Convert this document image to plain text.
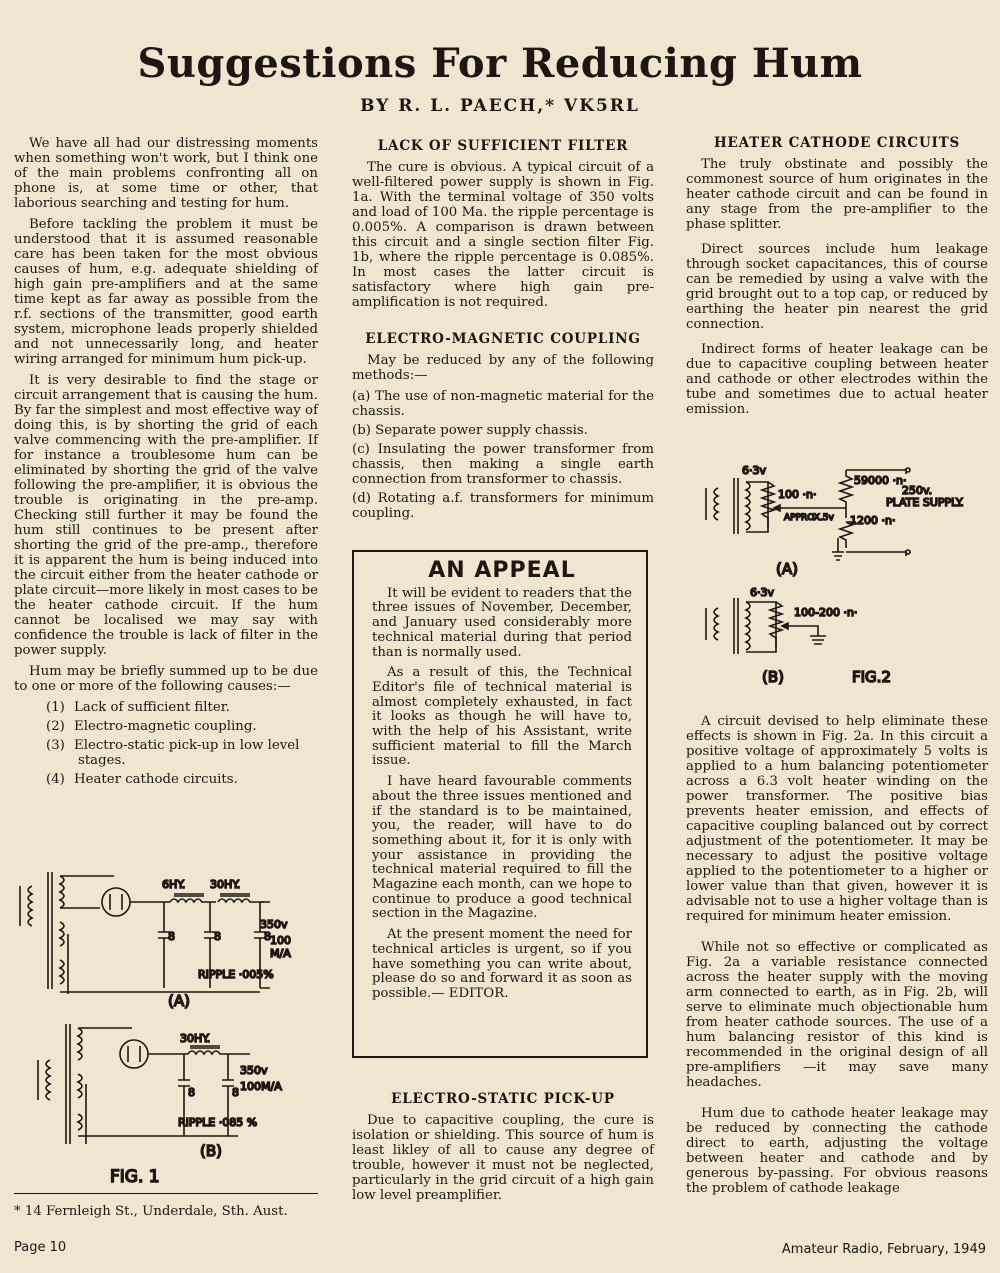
Suggestions For Reducing Hum
BY R. L. PAECH,* VK5RL

We have all had our distressing moments when something won't work, but I think one of the main problems confronting all on phone is, at some time or other, that laborious searching and testing for hum.

Before tackling the problem it must be understood that it is assumed reasonable care has been taken for the most obvious causes of hum, e.g. adequate shielding of high gain pre-amplifiers and at the same time kept as far away as possible from the r.f. sections of the transmitter, good earth system, microphone leads properly shielded and not unnecessarily long, and heater wiring arranged for minimum hum pick-up.

It is very desirable to find the stage or circuit arrangement that is causing the hum. By far the simplest and most effective way of doing this, is by shorting the grid of each valve commencing with the pre-amplifier. If for instance a troublesome hum can be eliminated by shorting the grid of the valve following the pre-amplifier, it is obvious the trouble is originating in the pre-amp. Checking still further it may be found the hum still continues to be present after shorting the grid of the pre-amp., therefore it is apparent the hum is being induced into the circuit either from the heater cathode or plate circuit—more likely in most cases to be the heater cathode circuit. If the hum cannot be localised we may say with confidence the trouble is lack of filter in the power supply.

Hum may be briefly summed up to be due to one or more of the following causes:—

(1) Lack of sufficient filter.
(2) Electro-magnetic coupling.
(3) Electro-static pick-up in low level stages.
(4) Heater cathode circuits.
6HY. 30HY.
8	8	8
350v
100
M/A
RIPPLE ·005%
(A)
30HY.
8	8
350v
100M/A
RIPPLE ·085 %
(B)
FIG. 1
* 14 Fernleigh St., Underdale, Sth. Aust.
LACK OF SUFFICIENT FILTER

The cure is obvious. A typical circuit of a well-filtered power supply is shown in Fig. 1a. With the terminal voltage of 350 volts and load of 100 Ma. the ripple percentage is 0.005%. A comparison is drawn between this circuit and a single section filter Fig. 1b, where the ripple percentage is 0.085%. In most cases the latter circuit is satisfactory where high gain pre-amplification is not required.

ELECTRO-MAGNETIC COUPLING

May be reduced by any of the following methods:—

(a) The use of non-magnetic material for the chassis.

(b) Separate power supply chassis.

(c) Insulating the power transformer from chassis, then making a single earth connection from transformer to chassis.

(d) Rotating a.f. transformers for minimum coupling.

AN APPEAL

It will be evident to readers that the three issues of November, December, and January used considerably more technical material during that period than is normally used.

As a result of this, the Technical Editor's file of technical material is almost completely exhausted, in fact it looks as though he will have to, with the help of his Assistant, write sufficient material to fill the March issue.

I have heard favourable comments about the three issues mentioned and if the standard is to be maintained, you, the reader, will have to do something about it, for it is only with your assistance in providing the technical material required to fill the Magazine each month, can we hope to continue to produce a good technical section in the Magazine.

At the present moment the need for technical articles is urgent, so if you have something you can write about, please do so and forward it as soon as possible.— EDITOR.

ELECTRO-STATIC PICK-UP

Due to capacitive coupling, the cure is isolation or shielding. This source of hum is least likley of all to cause any degree of trouble, however it must not be neglected, particularly in the grid circuit of a high gain low level preamplifier.

HEATER CATHODE CIRCUITS

The truly obstinate and possibly the commonest source of hum originates in the heater cathode circuit and can be found in any stage from the pre-amplifier to the phase splitter.

Direct sources include hum leakage through socket capacitances, this of course can be remedied by using a valve with the grid brought out to a top cap, or reduced by earthing the heater pin nearest the grid connection.

Indirect forms of heater leakage can be due to capacitive coupling between heater and cathode or other electrodes within the tube and sometimes due to actual heater emission.

6·3v
100 ·n·
59000 ·n·
1200 ·n·
APPROX.5v
250v.
PLATE SUPPLY.
(A)
6·3v
100-200 ·n·
(B)	FIG.2

A circuit devised to help eliminate these effects is shown in Fig. 2a. In this circuit a positive voltage of approximately 5 volts is applied to a hum balancing potentiometer across a 6.3 volt heater winding on the power transformer. The positive bias prevents heater emission, and effects of capacitive coupling balanced out by correct adjustment of the potentiometer. It may be necessary to adjust the positive voltage applied to the potentiometer to a higher or lower value than that given, however it is advisable not to use a higher voltage than is required for minimum heater emission.

While not so effective or complicated as Fig. 2a a variable resistance connected across the heater supply with the moving arm connected to earth, as in Fig. 2b, will serve to eliminate much objectionable hum from heater cathode sources. The use of a hum balancing resistor of this kind is recommended in the original design of all pre-amplifiers —it may save many headaches.

Hum due to cathode heater leakage may be reduced by connecting the cathode direct to earth, adjusting the voltage between heater and cathode and by generous by-passing. For obvious reasons the problem of cathode leakage

Page 10	Amateur Radio, February, 1949
